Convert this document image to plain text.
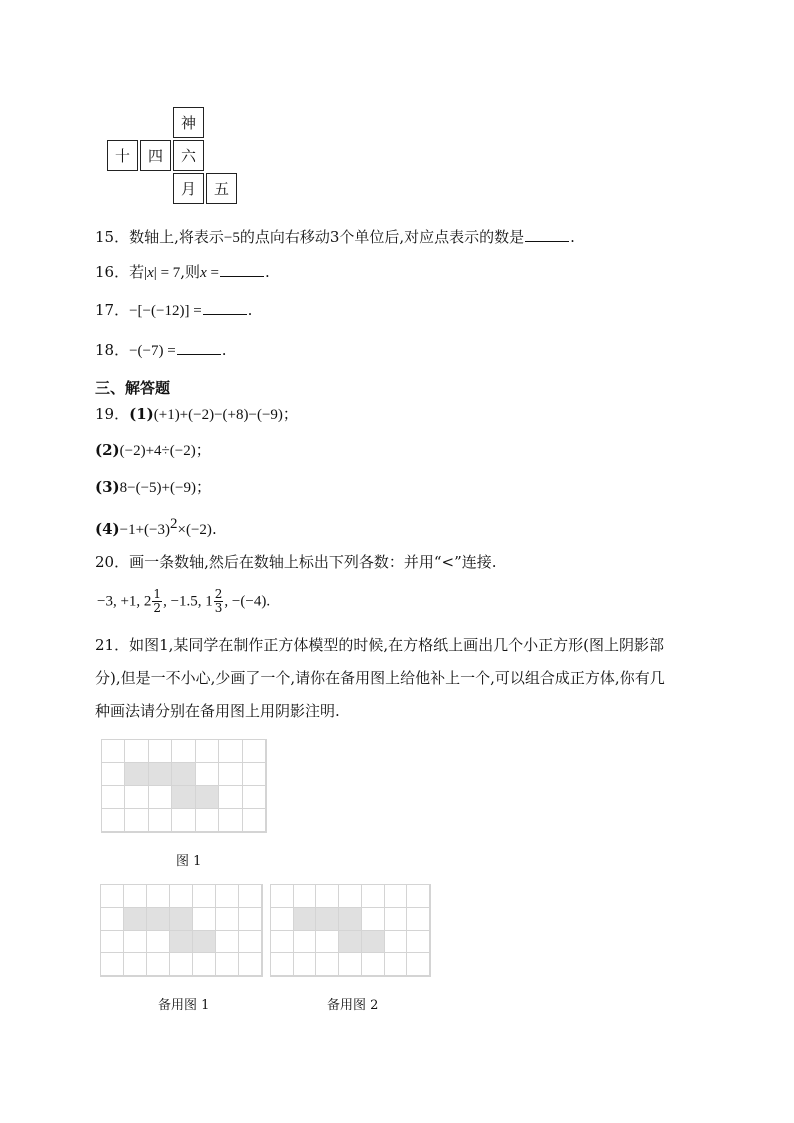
神
十	四	六
月	五
15．数轴上,将表示−5的点向右移动3个单位后,对应点表示的数是	.
16．若|x| = 7,则x =	.
17．−[−(−12)] =	.
18．−(−7) =	.
三、解答题
19．(1)(+1)+(−2)−(+8)−(−9)；
(2)(−2)+4÷(−2)；
(3)8−(−5)+(−9)；
$(4)-1+(-3)^2\times(-2)$.
20．画一条数轴,然后在数轴上标出下列各数：并用“<”连接.
−3, +1, $2 \frac{1}{2}$ , −1.5, $1 \frac{2}{3}$ , −(−4).
21．如图1,某同学在制作正方体模型的时候,在方格纸上画出几个小正方形(图上阴影部
分),但是一不小心,少画了一个,请你在备用图上给他补上一个,可以组合成正方体,你有几
种画法请分别在备用图上用阴影注明.
图 1
备用图 1	备用图 2
